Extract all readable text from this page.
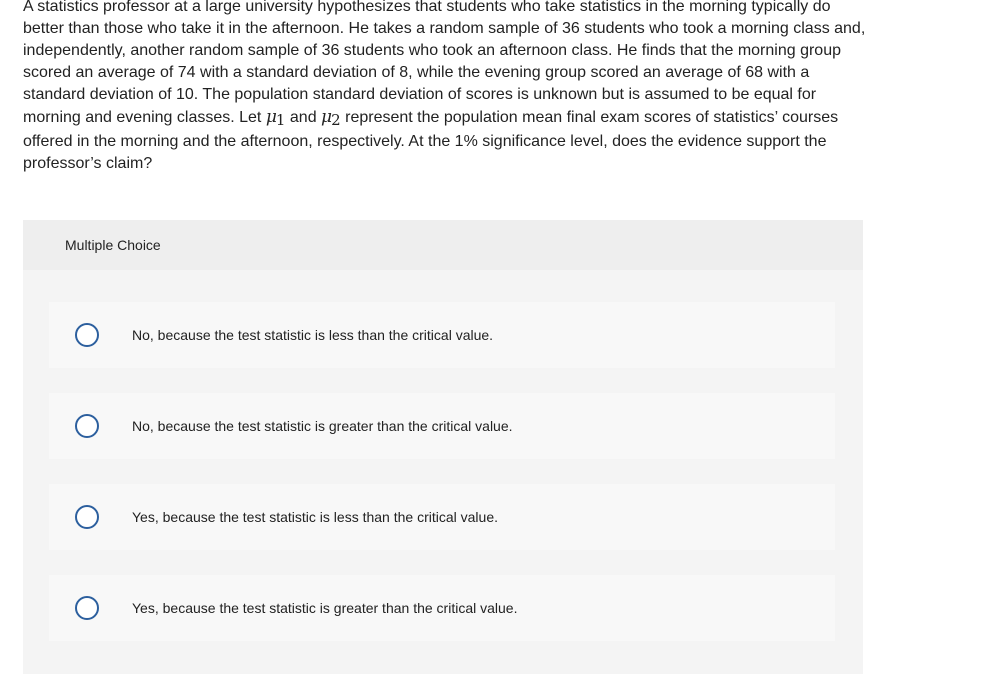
A statistics professor at a large university hypothesizes that students who take statistics in the morning typically do better than those who take it in the afternoon. He takes a random sample of 36 students who took a morning class and, independently, another random sample of 36 students who took an afternoon class. He finds that the morning group scored an average of 74 with a standard deviation of 8, while the evening group scored an average of 68 with a standard deviation of 10. The population standard deviation of scores is unknown but is assumed to be equal for morning and evening classes. Let μ1 and μ2 represent the population mean final exam scores of statistics’ courses offered in the morning and the afternoon, respectively. At the 1% significance level, does the evidence support the professor’s claim?
Multiple Choice
No, because the test statistic is less than the critical value.
No, because the test statistic is greater than the critical value.
Yes, because the test statistic is less than the critical value.
Yes, because the test statistic is greater than the critical value.
